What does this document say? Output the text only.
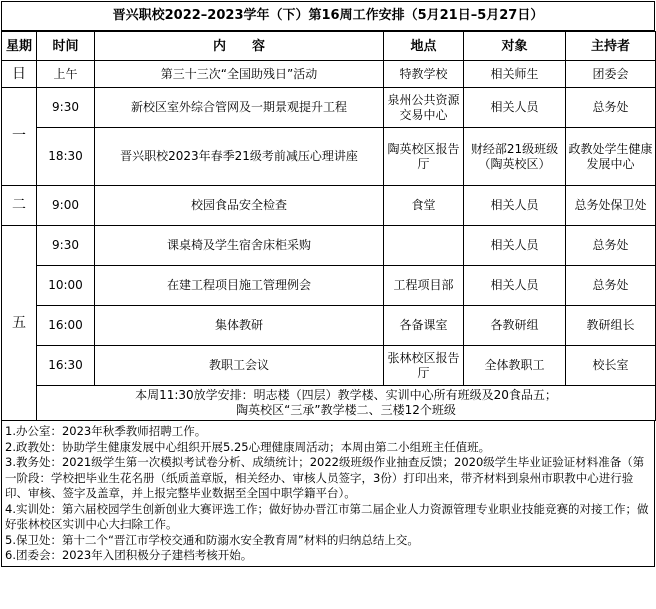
晋兴职校2022–2023学年（下）第16周工作安排（5月21日–5月27日）
星期	时间	内　　容	地点	对象	主持者
日	上午	第三十三次“全国助残日”活动	特教学校	相关师生	团委会
一	9:30	新校区室外综合管网及一期景观提升工程	泉州公共资源交易中心	相关人员	总务处
	18:30	晋兴职校2023年春季21级考前减压心理讲座	陶英校区报告厅	财经部21级班级（陶英校区）	政教处学生健康发展中心
二	9:00	校园食品安全检查	食堂	相关人员	总务处保卫处
五	9:30	课桌椅及学生宿舍床柜采购		相关人员	总务处
	10:00	在建工程项目施工管理例会	工程项目部	相关人员	总务处
	16:00	集体教研	各备课室	各教研组	教研组长
	16:30	教职工会议	张林校区报告厅	全体教职工	校长室

	本周11:30放学安排：明志楼（四层）教学楼、实训中心所有班级及20食品五；
陶英校区“三承”教学楼二、三楼12个班级				
1.办公室：2023年秋季教师招聘工作。
2.政教处：协助学生健康发展中心组织开展5.25心理健康周活动；本周由第二小组班主任值班。
3.教务处：2021级学生第一次模拟考试卷分析、成绩统计；2022级班级作业抽查反馈；2020级学生毕业证验证材料准备（第一阶段：学校把毕业生花名册（纸质盖章版，相关经办、审核人员签字，3份）打印出来，带齐材料到泉州市职教中心进行验印、审核、签字及盖章，并上报完整毕业数据至全国中职学籍平台）。
4.实训处：第六届校园学生创新创业大赛评选工作；做好协办晋江市第二届企业人力资源管理专业职业技能竞赛的对接工作；做好张林校区实训中心大扫除工作。
5.保卫处：第十二个“晋江市学校交通和防溺水安全教育周”材料的归纳总结上交。
6.团委会：2023年入团积极分子建档考核开始。
